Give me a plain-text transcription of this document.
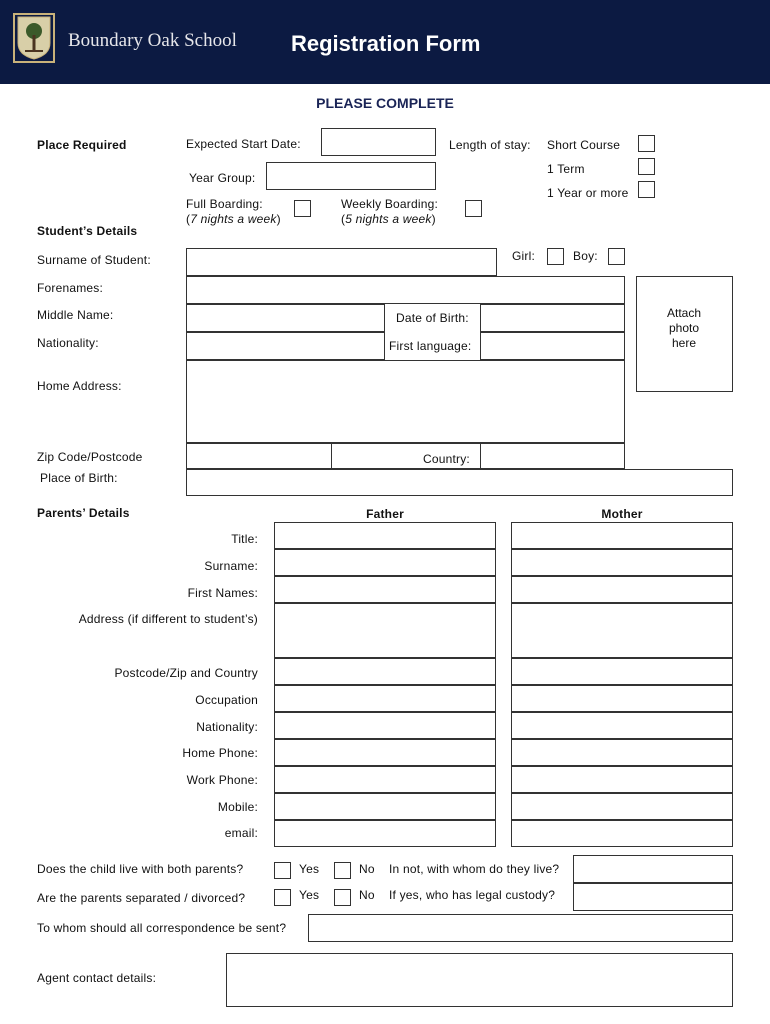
Boundary Oak School Registration Form
PLEASE COMPLETE
Place Required	Expected Start Date:	Length of stay: Short Course
1 Term
1 Year or more
Year Group:
Full Boarding:
(7 nights a week)
Weekly Boarding:
(5 nights a week)
Student’s Details
Surname of Student:	Girl:	Boy:
Forenames:
Middle Name:	Date of Birth:
Nationality:	First language:
Attach
photo
here
Home Address:
Zip Code/Postcode	Country:
Place of Birth:
Parents’ Details	Father	Mother
Title:
Surname:
First Names:
Address (if different to student’s)
Postcode/Zip and Country
Occupation
Nationality:
Home Phone:
Work Phone:
Mobile:
email:
Does the child live with both parents?	Yes	No In not, with whom do they live?
Are the parents separated / divorced?	Yes	No If yes, who has legal custody?
To whom should all correspondence be sent?
Agent contact details:
